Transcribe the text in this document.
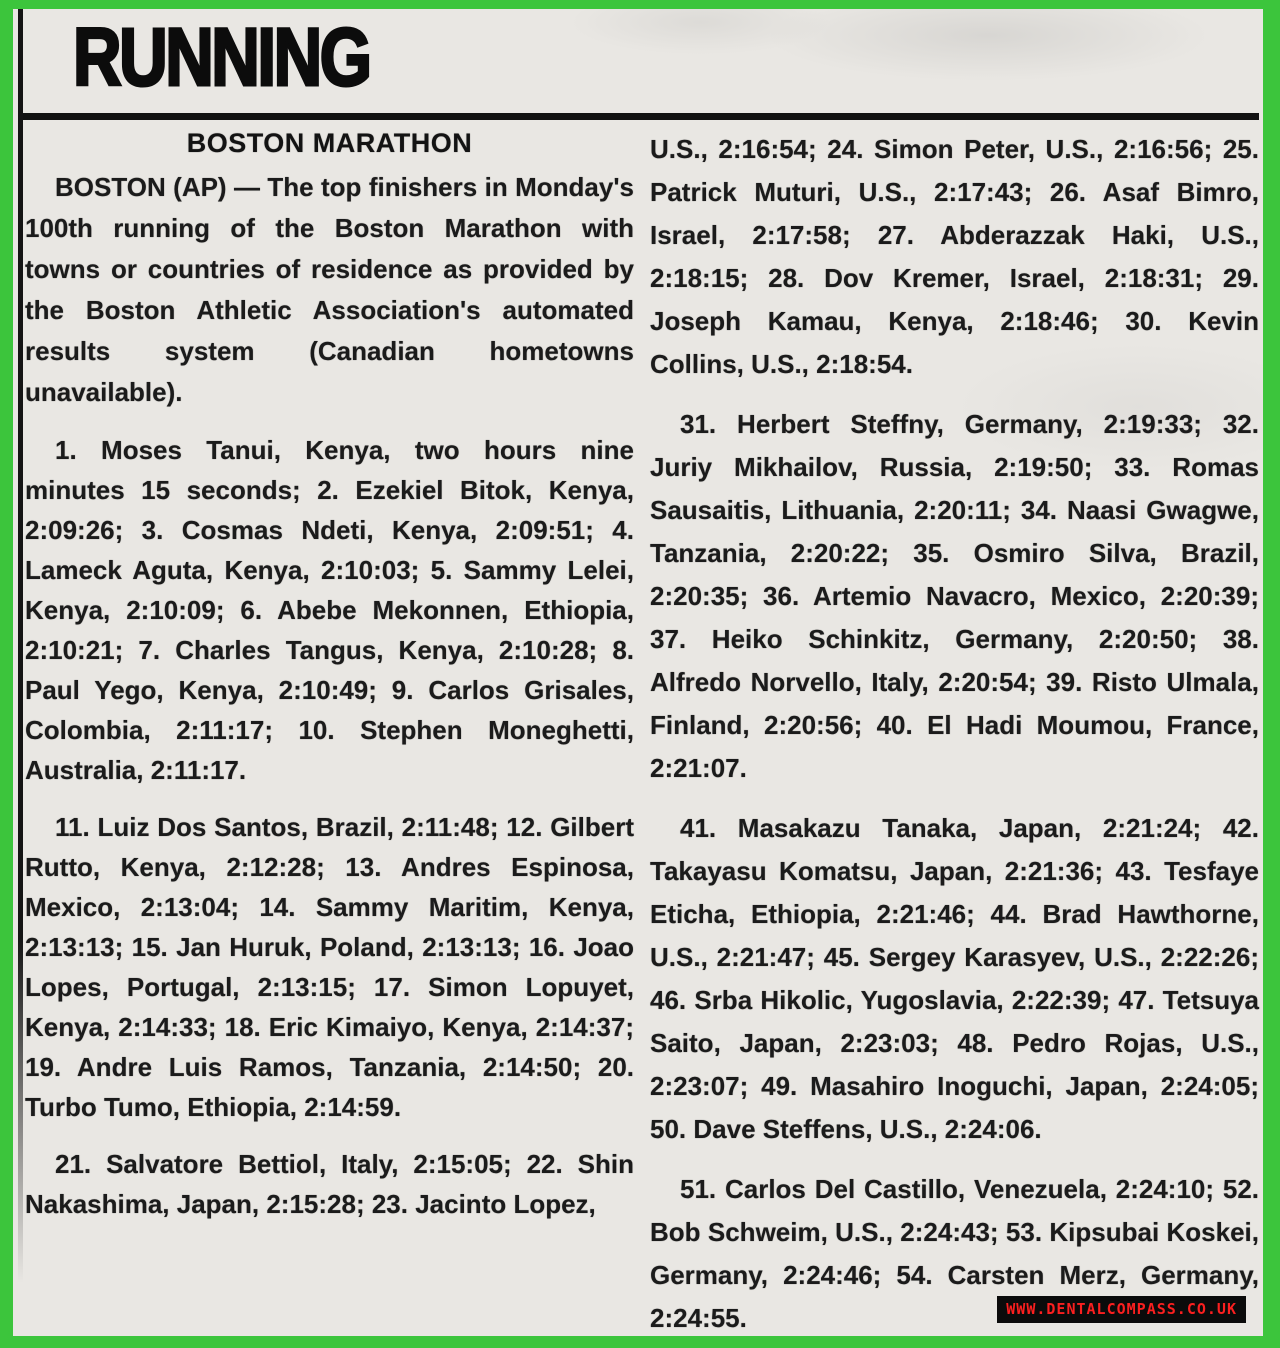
RUNNING
BOSTON MARATHON

BOSTON (AP) — The top finishers in Monday's 100th running of the Boston Marathon with towns or countries of residence as provided by the Boston Athletic Association's automated results system (Canadian hometowns unavailable).

1. Moses Tanui, Kenya, two hours nine minutes 15 seconds; 2. Ezekiel Bitok, Kenya, 2:09:26; 3. Cosmas Ndeti, Kenya, 2:09:51; 4. Lameck Aguta, Kenya, 2:10:03; 5. Sammy Lelei, Kenya, 2:10:09; 6. Abebe Mekonnen, Ethiopia, 2:10:21; 7. Charles Tangus, Kenya, 2:10:28; 8. Paul Yego, Kenya, 2:10:49; 9. Carlos Grisales, Colombia, 2:11:17; 10. Stephen Moneghetti, Australia, 2:11:17.

11. Luiz Dos Santos, Brazil, 2:11:48; 12. Gilbert Rutto, Kenya, 2:12:28; 13. Andres Espinosa, Mexico, 2:13:04; 14. Sammy Maritim, Kenya, 2:13:13; 15. Jan Huruk, Poland, 2:13:13; 16. Joao Lopes, Portugal, 2:13:15; 17. Simon Lopuyet, Kenya, 2:14:33; 18. Eric Kimaiyo, Kenya, 2:14:37; 19. Andre Luis Ramos, Tanzania, 2:14:50; 20. Turbo Tumo, Ethiopia, 2:14:59.

21. Salvatore Bettiol, Italy, 2:15:05; 22. Shin Nakashima, Japan, 2:15:28; 23. Jacinto Lopez,

U.S., 2:16:54; 24. Simon Peter, U.S., 2:16:56; 25. Patrick Muturi, U.S., 2:17:43; 26. Asaf Bimro, Israel, 2:17:58; 27. Abderazzak Haki, U.S., 2:18:15; 28. Dov Kremer, Israel, 2:18:31; 29. Joseph Kamau, Kenya, 2:18:46; 30. Kevin Collins, U.S., 2:18:54.

31. Herbert Steffny, Germany, 2:19:33; 32. Juriy Mikhailov, Russia, 2:19:50; 33. Romas Sausaitis, Lithuania, 2:20:11; 34. Naasi Gwagwe, Tanzania, 2:20:22; 35. Osmiro Silva, Brazil, 2:20:35; 36. Artemio Navacro, Mexico, 2:20:39; 37. Heiko Schinkitz, Germany, 2:20:50; 38. Alfredo Norvello, Italy, 2:20:54; 39. Risto Ulmala, Finland, 2:20:56; 40. El Hadi Moumou, France, 2:21:07.

41. Masakazu Tanaka, Japan, 2:21:24; 42. Takayasu Komatsu, Japan, 2:21:36; 43. Tesfaye Eticha, Ethiopia, 2:21:46; 44. Brad Hawthorne, U.S., 2:21:47; 45. Sergey Karasyev, U.S., 2:22:26; 46. Srba Hikolic, Yugoslavia, 2:22:39; 47. Tetsuya Saito, Japan, 2:23:03; 48. Pedro Rojas, U.S., 2:23:07; 49. Masahiro Inoguchi, Japan, 2:24:05; 50. Dave Steffens, U.S., 2:24:06.

51. Carlos Del Castillo, Venezuela, 2:24:10; 52. Bob Schweim, U.S., 2:24:43; 53. Kipsubai Koskei, Germany, 2:24:46; 54. Carsten Merz, Germany, 2:24:55.	WWW.DENTALCOMPASS.CO.UK
